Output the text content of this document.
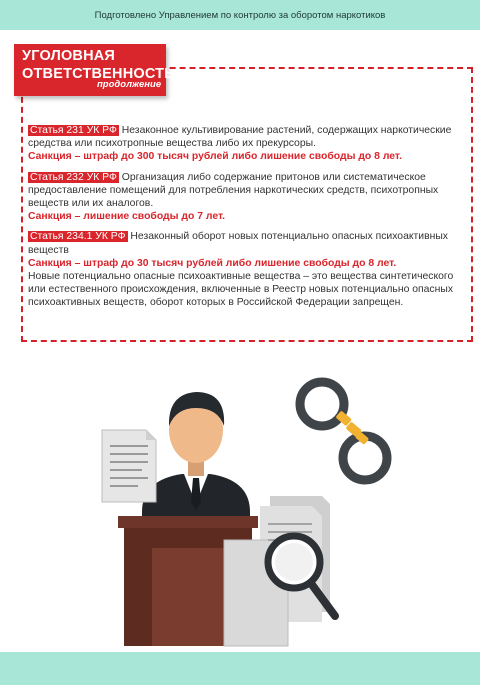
Подготовлено Управлением по контролю за оборотом наркотиков
УГОЛОВНАЯ
ОТВЕТСТВЕННОСТЬ
продолжение
Статья 231 УК РФ Незаконное культивирование растений, содержащих наркотические средства или психотропные вещества либо их прекурсоры.
Санкция – штраф до 300 тысяч рублей либо лишение свободы до 8 лет.
Статья 232 УК РФ Организация либо содержание притонов или систематическое предоставление помещений для потребления наркотических средств, психотропных веществ или их аналогов.
Санкция – лишение свободы до 7 лет.
Статья 234.1 УК РФ Незаконный оборот новых потенциально опасных психоактивных веществ
Санкция – штраф до 30 тысяч рублей либо лишение свободы до 8 лет.
Новые потенциально опасные психоактивные вещества – это вещества синтетического или естественного происхождения, включенные в Реестр новых потенциально опасных психоактивных веществ, оборот которых в Российской Федерации запрещен.
